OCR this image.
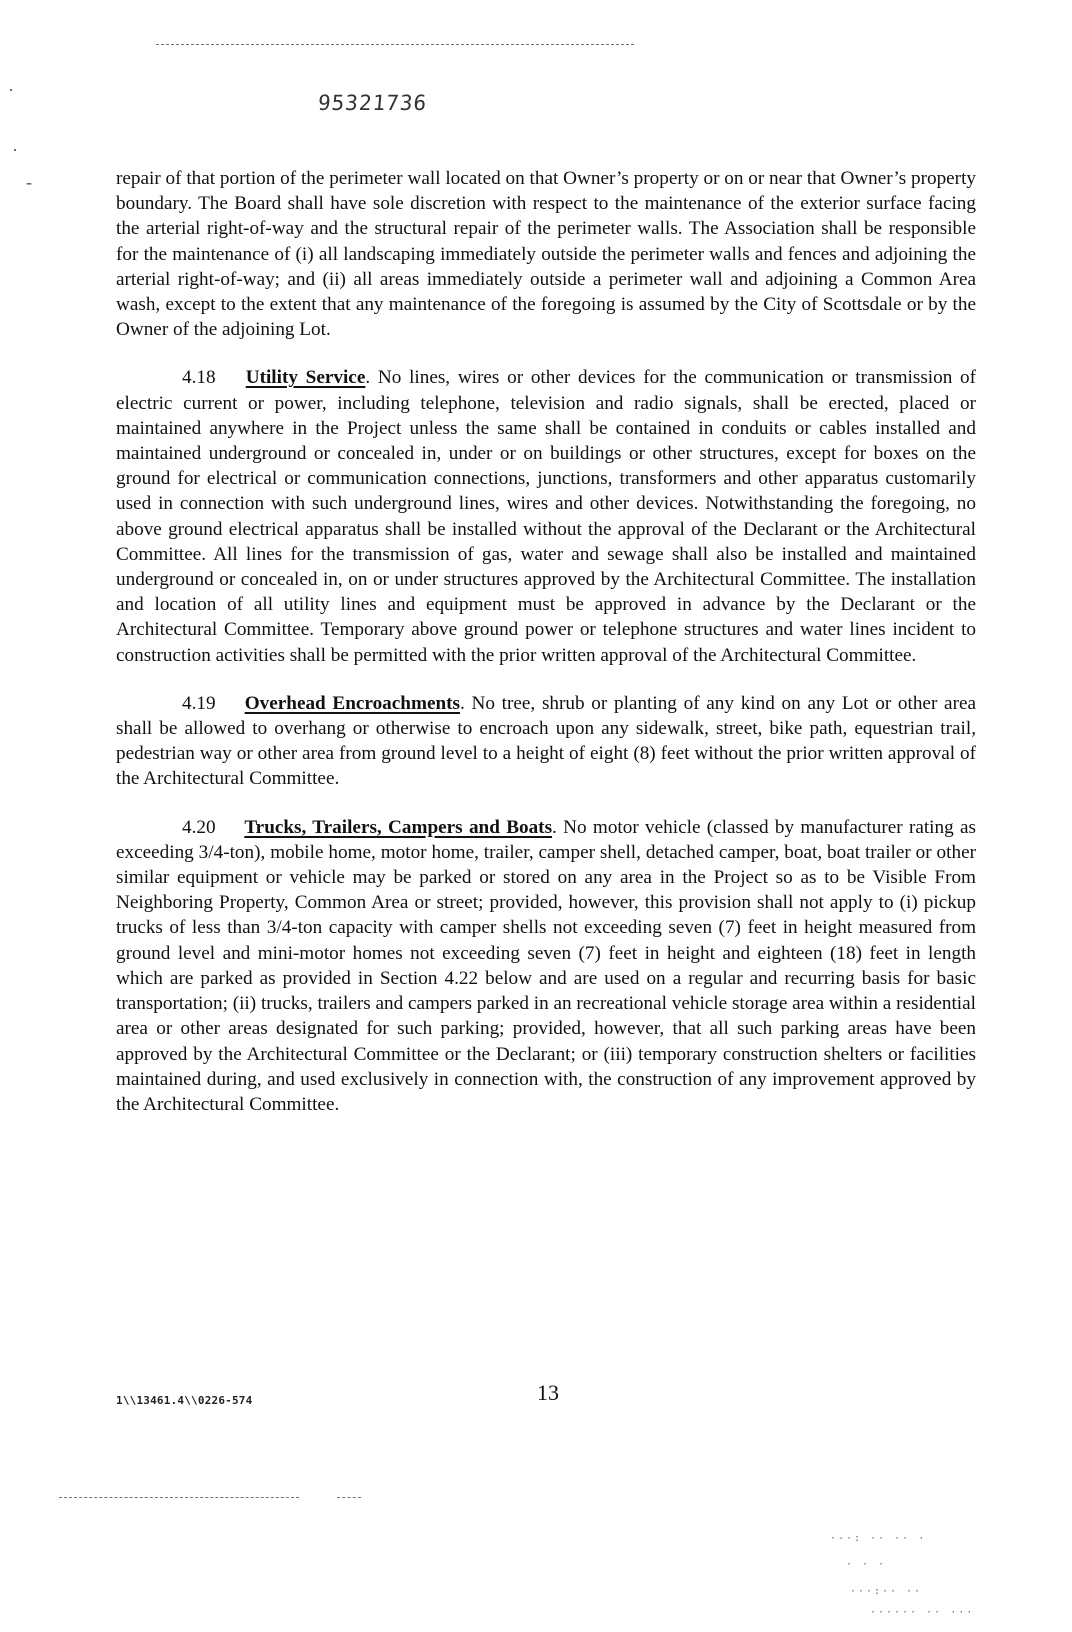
·
·
-
95321736

repair of that portion of the perimeter wall located on that Owner’s property or on or near that Owner’s property boundary. The Board shall have sole discretion with respect to the maintenance of the exterior surface facing the arterial right-of-way and the structural repair of the perimeter walls. The Association shall be responsible for the maintenance of (i) all landscaping immediately outside the perimeter walls and fences and adjoining the arterial right-of-way; and (ii) all areas immediately outside a perimeter wall and adjoining a Common Area wash, except to the extent that any maintenance of the foregoing is assumed by the City of Scottsdale or by the Owner of the adjoining Lot.

4.18 Utility Service. No lines, wires or other devices for the communication or transmission of electric current or power, including telephone, television and radio signals, shall be erected, placed or maintained anywhere in the Project unless the same shall be contained in conduits or cables installed and maintained underground or concealed in, under or on buildings or other structures, except for boxes on the ground for electrical or communication connections, junctions, transformers and other apparatus customarily used in connection with such underground lines, wires and other devices. Notwithstanding the foregoing, no above ground electrical apparatus shall be installed without the approval of the Declarant or the Architectural Committee. All lines for the transmission of gas, water and sewage shall also be installed and maintained underground or concealed in, on or under structures approved by the Architectural Committee. The installation and location of all utility lines and equipment must be approved in advance by the Declarant or the Architectural Committee. Temporary above ground power or telephone structures and water lines incident to construction activities shall be permitted with the prior written approval of the Architectural Committee.

4.19 Overhead Encroachments. No tree, shrub or planting of any kind on any Lot or other area shall be allowed to overhang or otherwise to encroach upon any sidewalk, street, bike path, equestrian trail, pedestrian way or other area from ground level to a height of eight (8) feet without the prior written approval of the Architectural Committee.

4.20 Trucks, Trailers, Campers and Boats. No motor vehicle (classed by manufacturer rating as exceeding 3/4-ton), mobile home, motor home, trailer, camper shell, detached camper, boat, boat trailer or other similar equipment or vehicle may be parked or stored on any area in the Project so as to be Visible From Neighboring Property, Common Area or street; provided, however, this provision shall not apply to (i) pickup trucks of less than 3/4-ton capacity with camper shells not exceeding seven (7) feet in height measured from ground level and mini-motor homes not exceeding seven (7) feet in height and eighteen (18) feet in length which are parked as provided in Section 4.22 below and are used on a regular and recurring basis for basic transportation; (ii) trucks, trailers and campers parked in an recreational vehicle storage area within a residential area or other areas designated for such parking; provided, however, that all such parking areas have been approved by the Architectural Committee or the Declarant; or (iii) temporary construction shelters or facilities maintained during, and used exclusively in connection with, the construction of any improvement approved by the Architectural Committee.

1\\13461.4\\0226-574	13
·-·: ·· ·· ·
· · ·
···:·· ··
······ ·· ···
